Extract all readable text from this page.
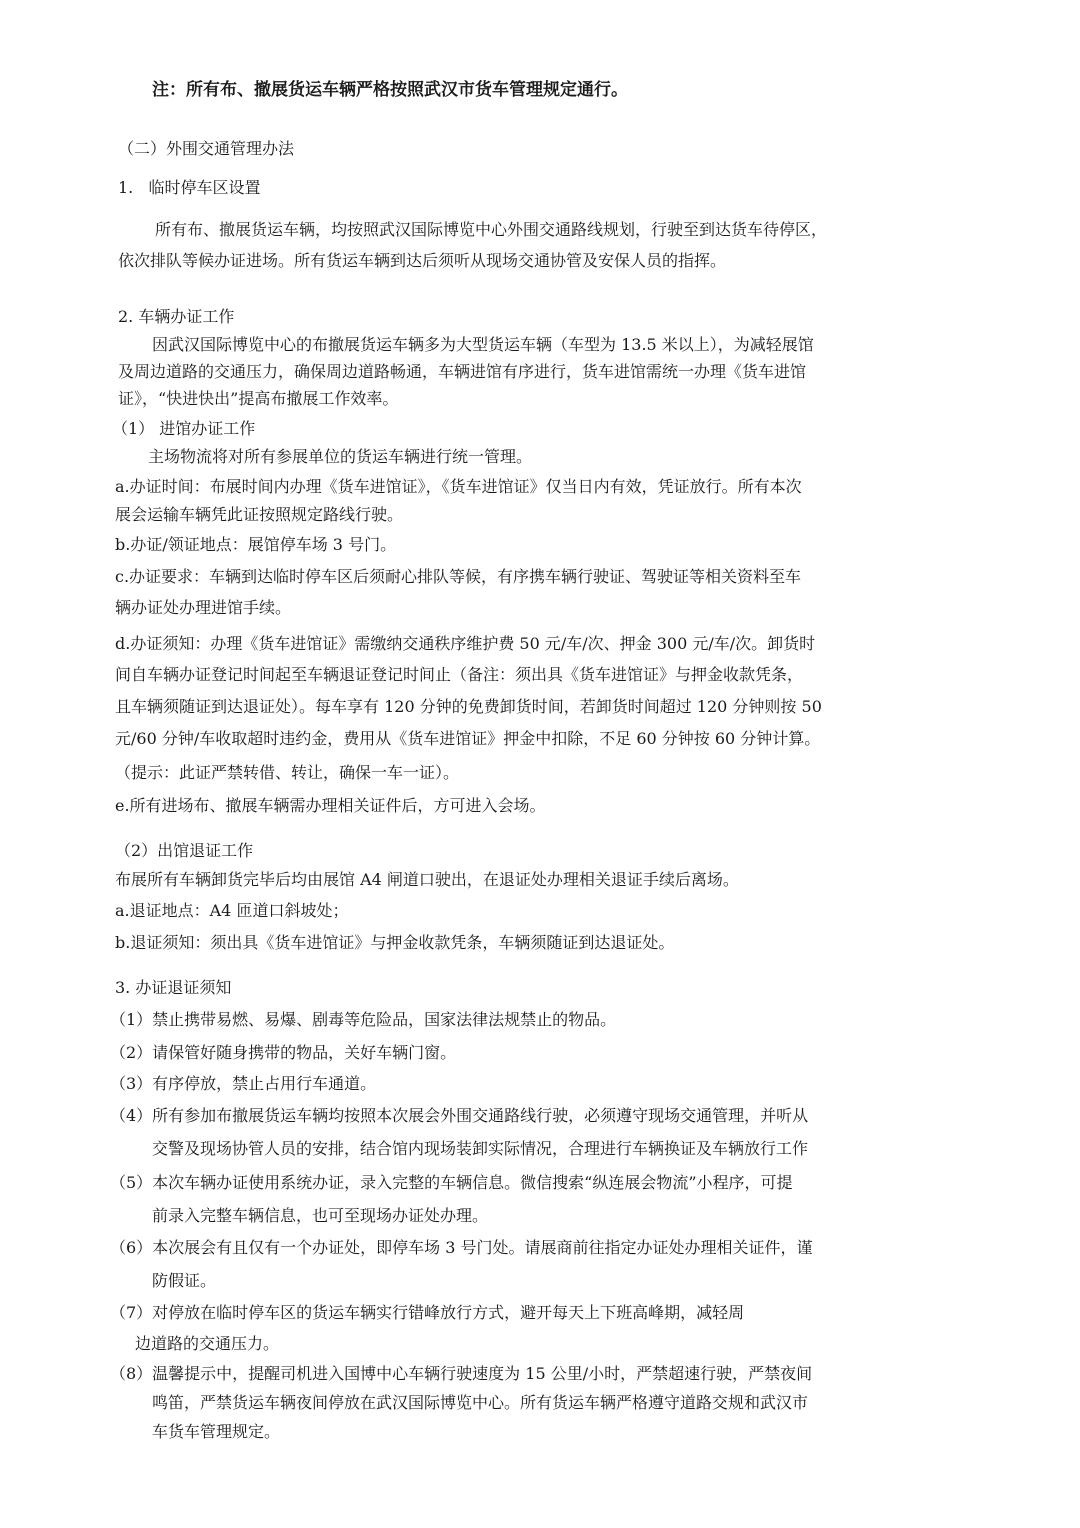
注：所有布、撤展货运车辆严格按照武汉市货车管理规定通行。
（二）外围交通管理办法
1.   临时停车区设置
所有布、撤展货运车辆，均按照武汉国际博览中心外围交通路线规划，行驶至到达货车待停区，
依次排队等候办证进场。所有货运车辆到达后须听从现场交通协管及安保人员的指挥。
2. 车辆办证工作
因武汉国际博览中心的布撤展货运车辆多为大型货运车辆（车型为 13.5 米以上），为减轻展馆
及周边道路的交通压力，确保周边道路畅通，车辆进馆有序进行，货车进馆需统一办理《货车进馆
证》，“快进快出”提高布撤展工作效率。
（1） 进馆办证工作
主场物流将对所有参展单位的货运车辆进行统一管理。
a.办证时间：布展时间内办理《货车进馆证》，《货车进馆证》仅当日内有效，凭证放行。所有本次
展会运输车辆凭此证按照规定路线行驶。
b.办证/领证地点：展馆停车场 3 号门。
c.办证要求：车辆到达临时停车区后须耐心排队等候，有序携车辆行驶证、驾驶证等相关资料至车
辆办证处办理进馆手续。
d.办证须知：办理《货车进馆证》需缴纳交通秩序维护费 50 元/车/次、押金 300 元/车/次。卸货时
间自车辆办证登记时间起至车辆退证登记时间止（备注：须出具《货车进馆证》与押金收款凭条，
且车辆须随证到达退证处）。每车享有 120 分钟的免费卸货时间，若卸货时间超过 120 分钟则按 50
元/60 分钟/车收取超时违约金，费用从《货车进馆证》押金中扣除，不足 60 分钟按 60 分钟计算。
（提示：此证严禁转借、转让，确保一车一证）。
e.所有进场布、撤展车辆需办理相关证件后，方可进入会场。
（2）出馆退证工作
布展所有车辆卸货完毕后均由展馆 A4 闸道口驶出，在退证处办理相关退证手续后离场。
a.退证地点：A4 匝道口斜坡处；
b.退证须知：须出具《货车进馆证》与押金收款凭条，车辆须随证到达退证处。
3. 办证退证须知
（1）禁止携带易燃、易爆、剧毒等危险品，国家法律法规禁止的物品。
（2）请保管好随身携带的物品，关好车辆门窗。
（3）有序停放，禁止占用行车通道。
（4）所有参加布撤展货运车辆均按照本次展会外围交通路线行驶，必须遵守现场交通管理，并听从
交警及现场协管人员的安排，结合馆内现场装卸实际情况，合理进行车辆换证及车辆放行工作
（5）本次车辆办证使用系统办证，录入完整的车辆信息。微信搜索“纵连展会物流”小程序，可提
前录入完整车辆信息，也可至现场办证处办理。
（6）本次展会有且仅有一个办证处，即停车场 3 号门处。请展商前往指定办证处办理相关证件，谨
防假证。
（7）对停放在临时停车区的货运车辆实行错峰放行方式，避开每天上下班高峰期，减轻周
边道路的交通压力。
（8）温馨提示中，提醒司机进入国博中心车辆行驶速度为 15 公里/小时，严禁超速行驶，严禁夜间
鸣笛，严禁货运车辆夜间停放在武汉国际博览中心。所有货运车辆严格遵守道路交规和武汉市
车货车管理规定。
